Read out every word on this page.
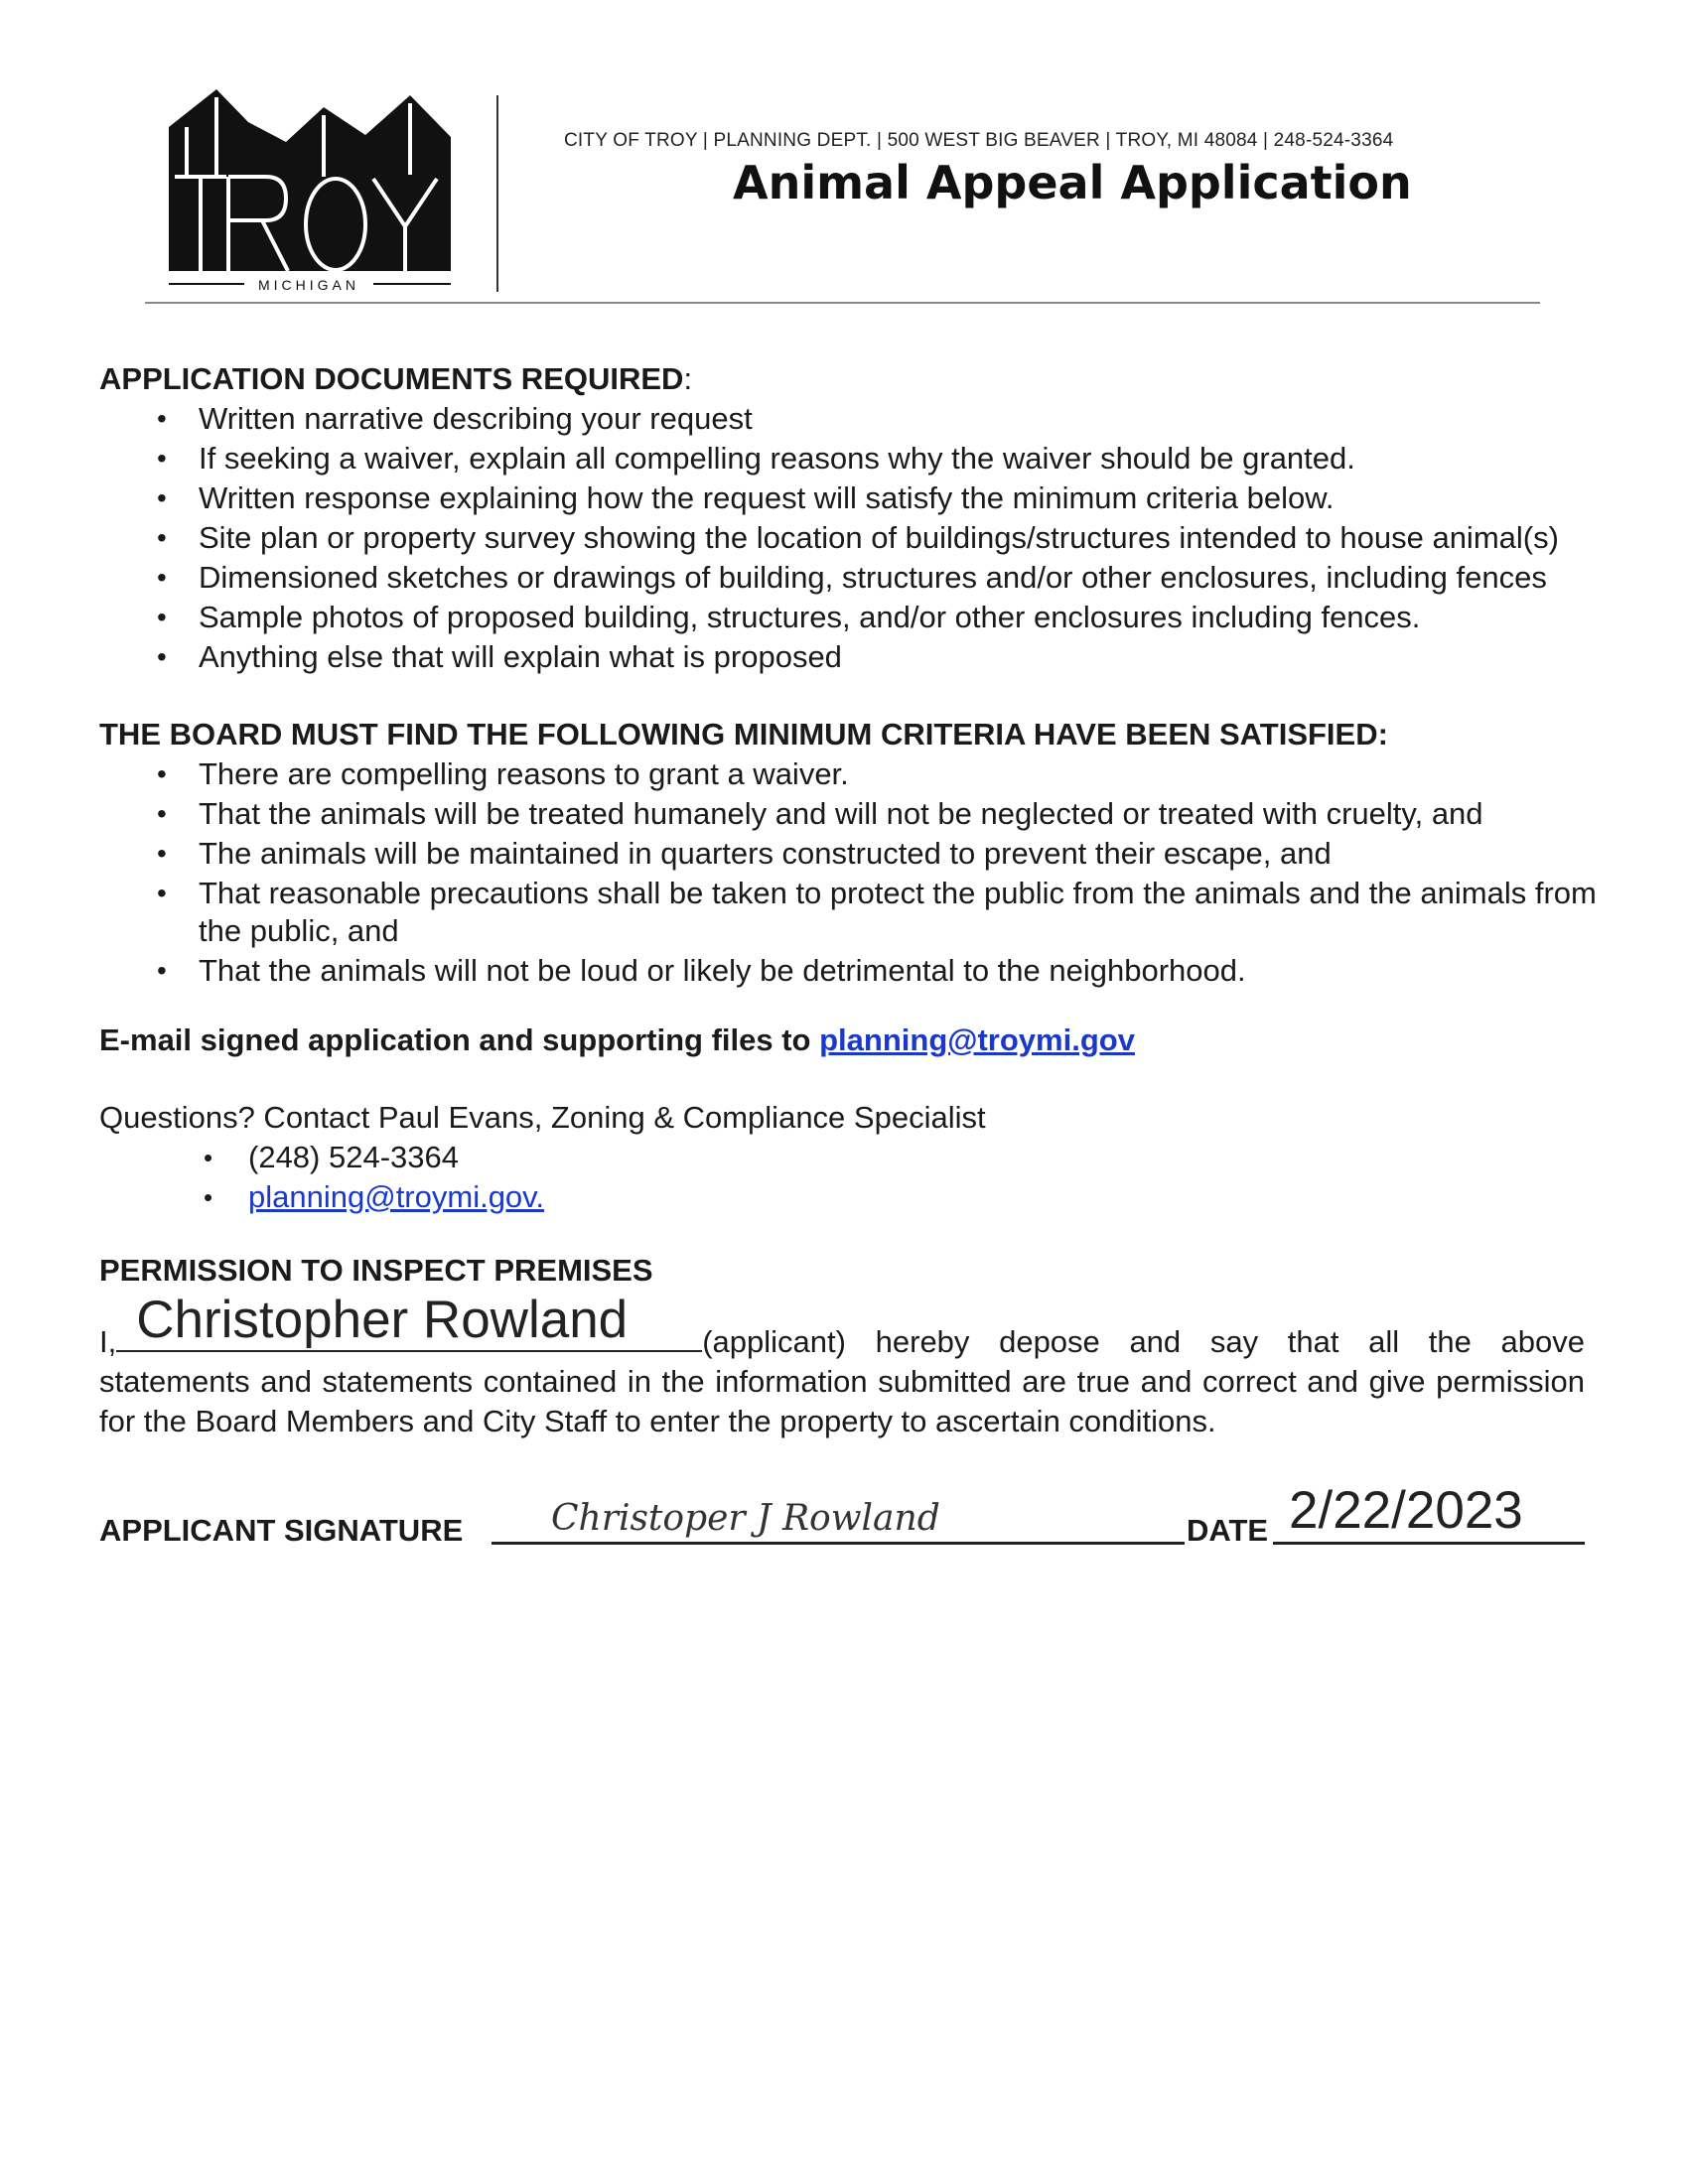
MICHIGAN
CITY OF TROY | PLANNING DEPT. | 500 WEST BIG BEAVER | TROY, MI 48084 | 248-524-3364
Animal Appeal Application
APPLICATION DOCUMENTS REQUIRED:
• Written narrative describing your request
• If seeking a waiver, explain all compelling reasons why the waiver should be granted.
• Written response explaining how the request will satisfy the minimum criteria below.
• Site plan or property survey showing the location of buildings/structures intended to house animal(s)
• Dimensioned sketches or drawings of building, structures and/or other enclosures, including fences
• Sample photos of proposed building, structures, and/or other enclosures including fences.
• Anything else that will explain what is proposed
THE BOARD MUST FIND THE FOLLOWING MINIMUM CRITERIA HAVE BEEN SATISFIED:
• There are compelling reasons to grant a waiver.
• That the animals will be treated humanely and will not be neglected or treated with cruelty, and
• The animals will be maintained in quarters constructed to prevent their escape, and
• That reasonable precautions shall be taken to protect the public from the animals and the animals from the public, and
• That the animals will not be loud or likely be detrimental to the neighborhood.
E-mail signed application and supporting files to planning@troymi.gov
Questions? Contact Paul Evans, Zoning & Compliance Specialist
• (248) 524-3364
• planning@troymi.gov.
PERMISSION TO INSPECT PREMISES
I, Christopher Rowland (applicant) hereby depose and say that all the above
statements and statements contained in the information submitted are true and correct and give permission for the Board Members and City Staff to enter the property to ascertain conditions.
APPLICANT SIGNATURE Christoper J Rowland	DATE 2/22/2023
